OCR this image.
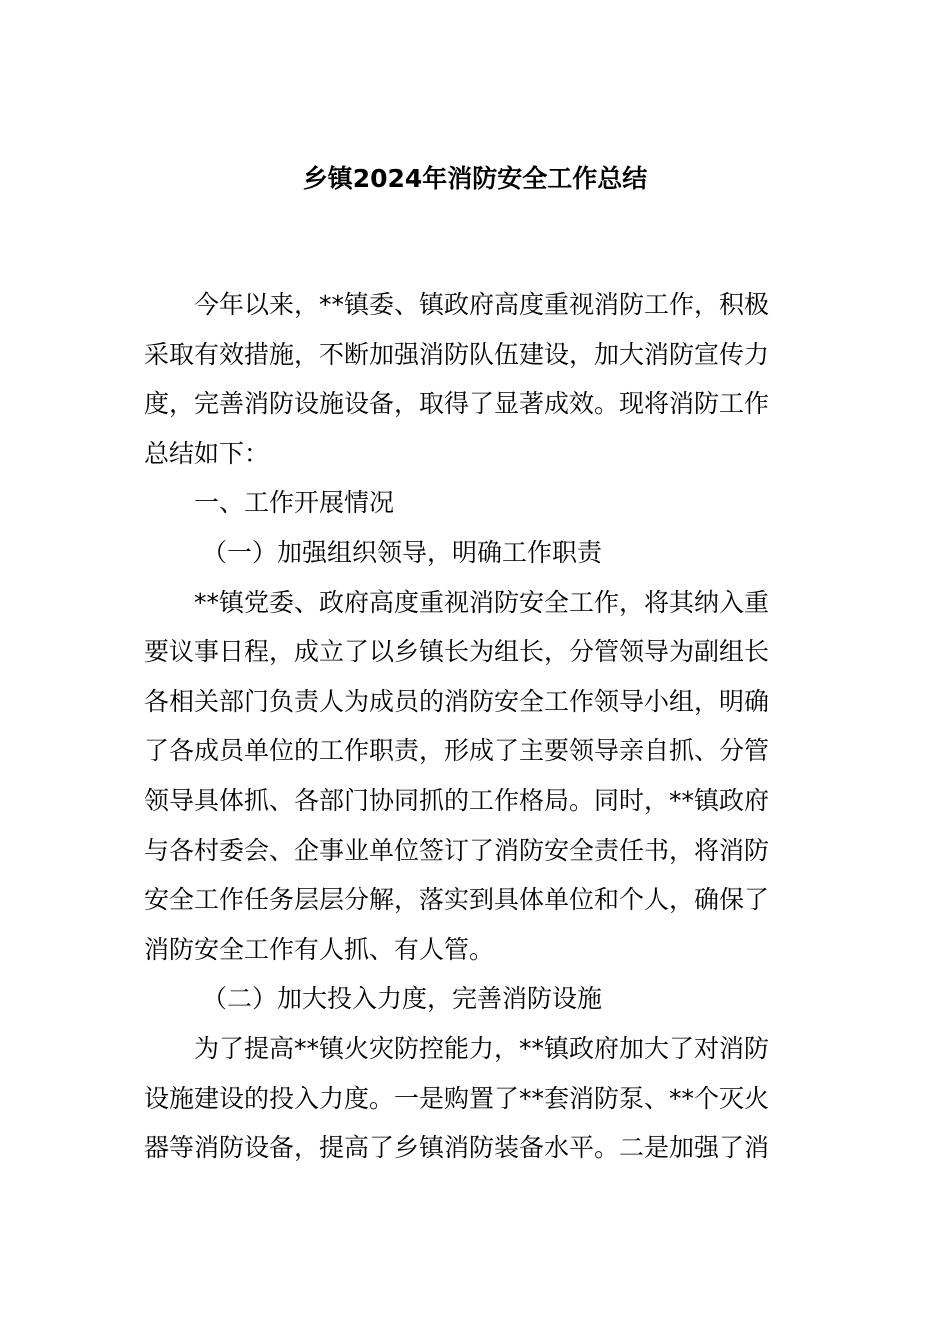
乡镇2024年消防安全工作总结
今年以来，**镇委、镇政府高度重视消防工作，积极
采取有效措施，不断加强消防队伍建设，加大消防宣传力
度，完善消防设施设备，取得了显著成效。现将消防工作
总结如下：
一、工作开展情况
（一）加强组织领导，明确工作职责
**镇党委、政府高度重视消防安全工作，将其纳入重
要议事日程，成立了以乡镇长为组长，分管领导为副组长
各相关部门负责人为成员的消防安全工作领导小组，明确
了各成员单位的工作职责，形成了主要领导亲自抓、分管
领导具体抓、各部门协同抓的工作格局。同时，**镇政府
与各村委会、企事业单位签订了消防安全责任书，将消防
安全工作任务层层分解，落实到具体单位和个人，确保了
消防安全工作有人抓、有人管。
（二）加大投入力度，完善消防设施
为了提高**镇火灾防控能力，**镇政府加大了对消防
设施建设的投入力度。一是购置了**套消防泵、**个灭火
器等消防设备，提高了乡镇消防装备水平。二是加强了消
